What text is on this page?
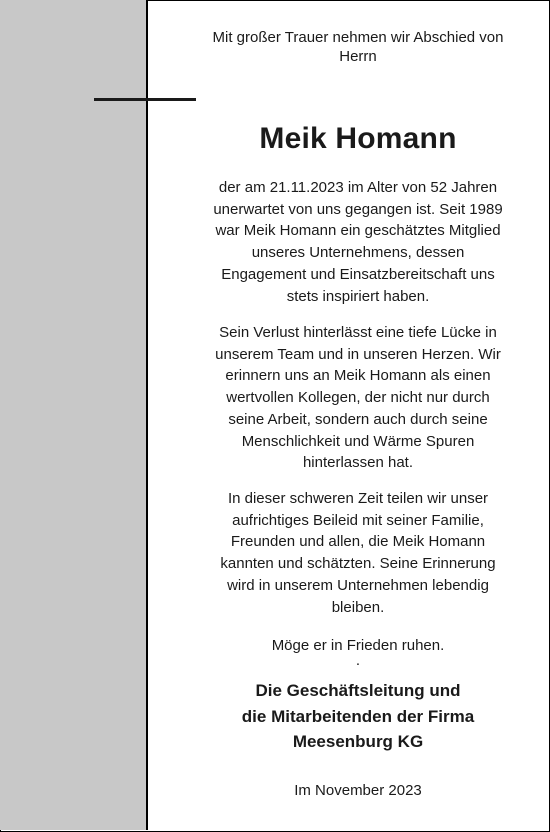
Mit großer Trauer nehmen wir Abschied von
Herrn
Meik Homann
der am 21.11.2023 im Alter von 52 Jahren
unerwartet von uns gegangen ist. Seit 1989
war Meik Homann ein geschätztes Mitglied
unseres Unternehmens, dessen
Engagement und Einsatzbereitschaft uns
stets inspiriert haben.
Sein Verlust hinterlässt eine tiefe Lücke in
unserem Team und in unseren Herzen. Wir
erinnern uns an Meik Homann als einen
wertvollen Kollegen, der nicht nur durch
seine Arbeit, sondern auch durch seine
Menschlichkeit und Wärme Spuren
hinterlassen hat.
In dieser schweren Zeit teilen wir unser
aufrichtiges Beileid mit seiner Familie,
Freunden und allen, die Meik Homann
kannten und schätzten. Seine Erinnerung
wird in unserem Unternehmen lebendig
bleiben.
Möge er in Frieden ruhen.
.
Die Geschäftsleitung und
die Mitarbeitenden der Firma
Meesenburg KG
Im November 2023
